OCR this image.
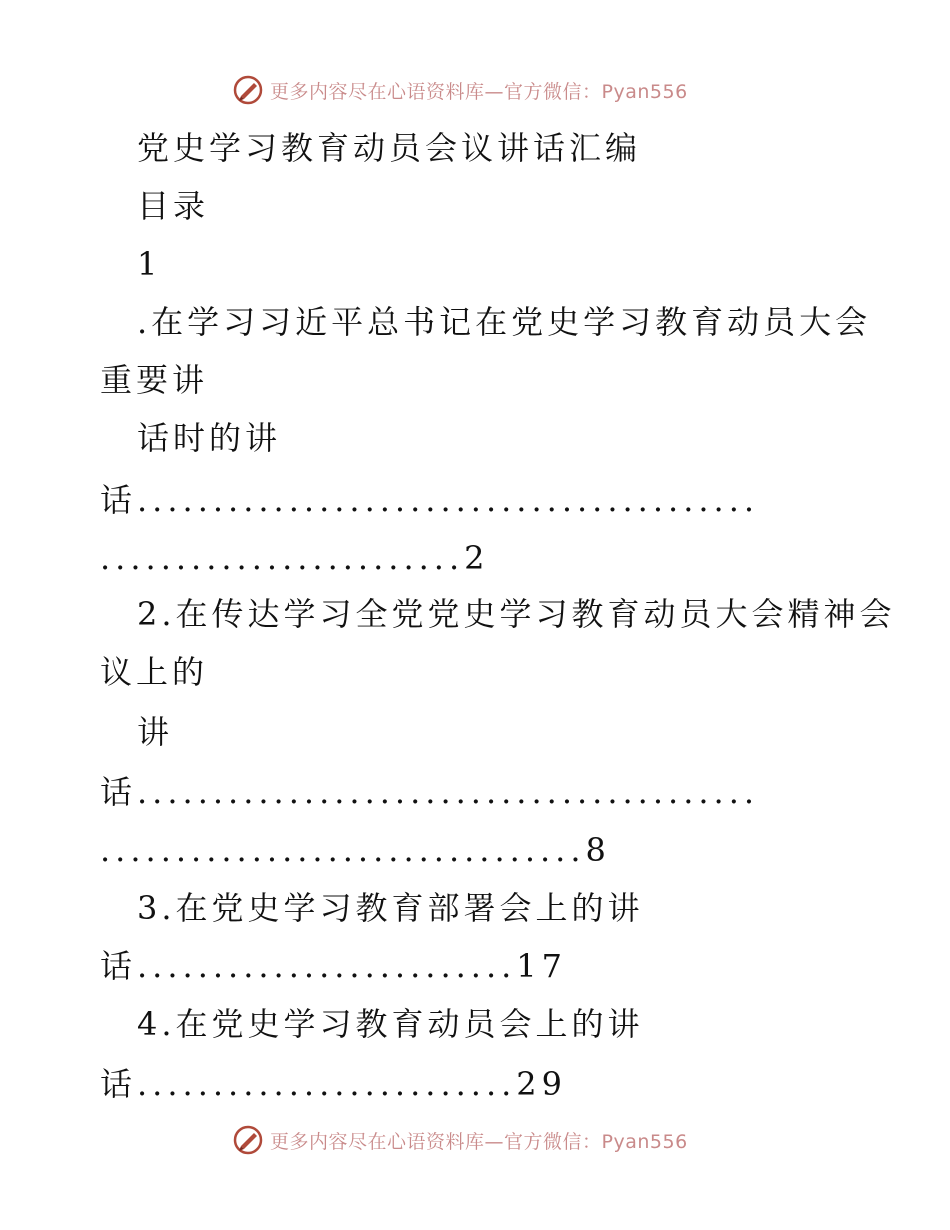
更多内容尽在心语资料库—官方微信：Pyan556
党史学习教育动员会议讲话汇编
目录
1
.在学习习近平总书记在党史学习教育动员大会
重要讲
话时的讲
话.........................................
........................2
2.在传达学习全党党史学习教育动员大会精神会
议上的
讲
话.........................................
................................8
3.在党史学习教育部署会上的讲
话.........................17
4.在党史学习教育动员会上的讲
话.........................29
更多内容尽在心语资料库—官方微信：Pyan556
